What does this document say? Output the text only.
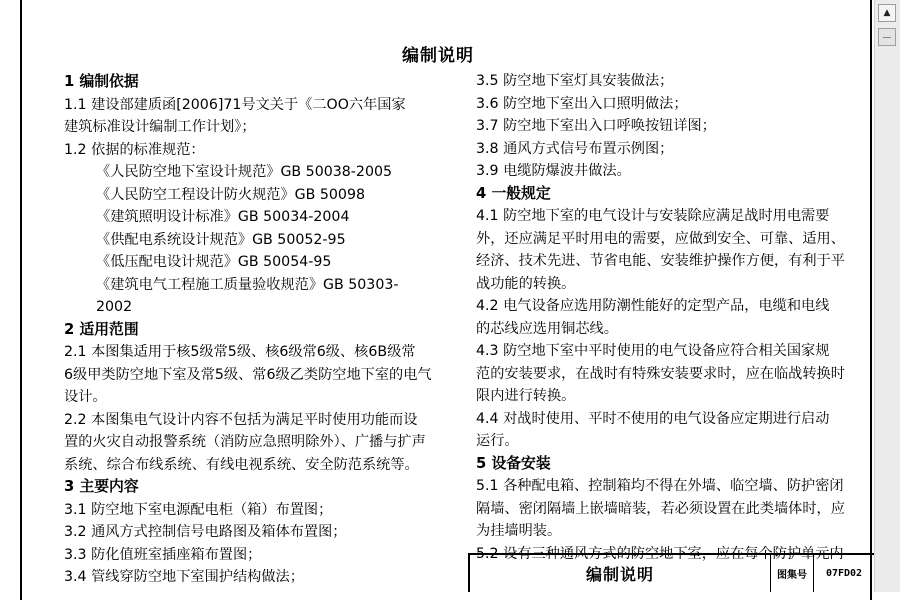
编制说明
1 编制依据
1.1 建设部建质函[2006]71号文关于《二OO六年国家
建筑标准设计编制工作计划》；
1.2 依据的标准规范：
《人民防空地下室设计规范》GB 50038-2005
《人民防空工程设计防火规范》GB 50098
《建筑照明设计标准》GB 50034-2004
《供配电系统设计规范》GB 50052-95
《低压配电设计规范》GB 50054-95
《建筑电气工程施工质量验收规范》GB 50303-
2002
2 适用范围
2.1 本图集适用于核5级常5级、核6级常6级、核6B级常
6级甲类防空地下室及常5级、常6级乙类防空地下室的电气
设计。
2.2 本图集电气设计内容不包括为满足平时使用功能而设
置的火灾自动报警系统（消防应急照明除外）、广播与扩声
系统、综合布线系统、有线电视系统、安全防范系统等。
3 主要内容
3.1 防空地下室电源配电柜（箱）布置图；
3.2 通风方式控制信号电路图及箱体布置图；
3.3 防化值班室插座箱布置图；
3.4 管线穿防空地下室围护结构做法；
3.5 防空地下室灯具安装做法；
3.6 防空地下室出入口照明做法；
3.7 防空地下室出入口呼唤按钮详图；
3.8 通风方式信号布置示例图；
3.9 电缆防爆波井做法。
4 一般规定
4.1 防空地下室的电气设计与安装除应满足战时用电需要
外，还应满足平时用电的需要，应做到安全、可靠、适用、
经济、技术先进、节省电能、安装维护操作方便，有利于平
战功能的转换。
4.2 电气设备应选用防潮性能好的定型产品，电缆和电线
的芯线应选用铜芯线。
4.3 防空地下室中平时使用的电气设备应符合相关国家规
范的安装要求，在战时有特殊安装要求时，应在临战转换时
限内进行转换。
4.4 对战时使用、平时不使用的电气设备应定期进行启动
运行。
5 设备安装
5.1 各种配电箱、控制箱均不得在外墙、临空墙、防护密闭
隔墙、密闭隔墙上嵌墙暗装，若必须设置在此类墙体时，应
为挂墙明装。
5.2 设有三种通风方式的防空地下室，应在每个防护单元内
编制说明	图集号	07FD02
▲
